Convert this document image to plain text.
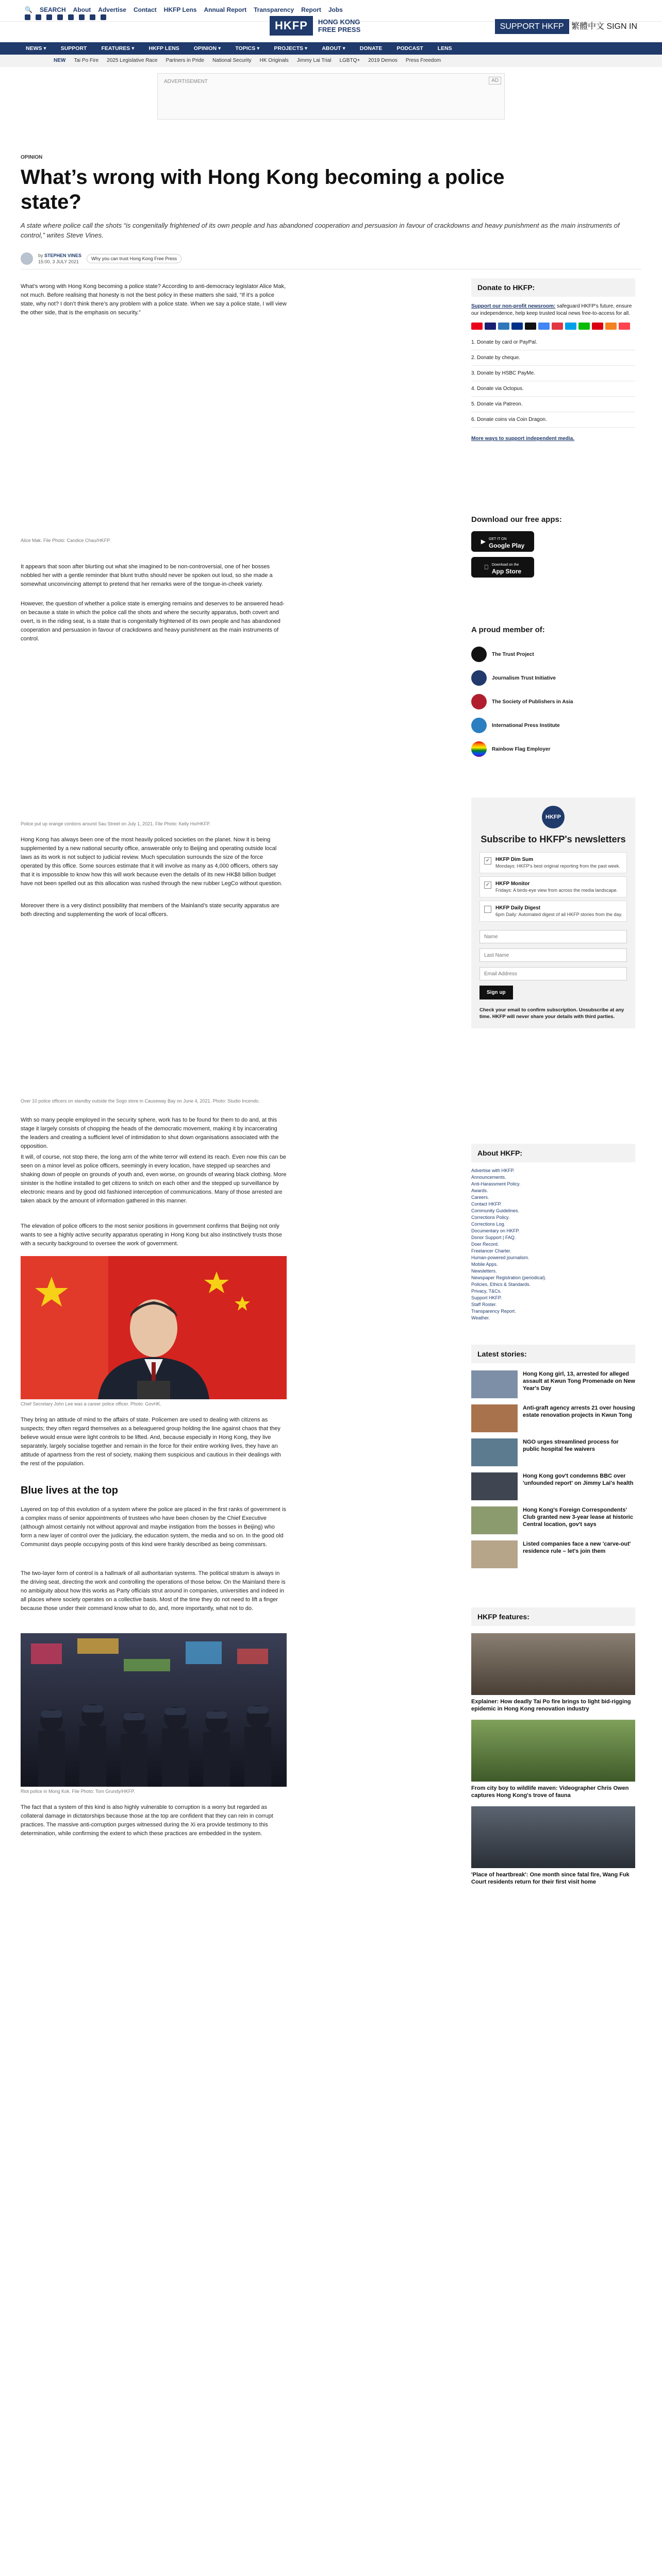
🔍 SEARCH About Advertise Contact HKFP Lens Annual Report Transparency Report Jobs
HKFP	HONG KONG
FREE PRESS	SUPPORT HKFP 繁體中文 SIGN IN
NEWS ▾	SUPPORT	FEATURES ▾	HKFP LENS	OPINION ▾	TOPICS ▾	PROJECTS ▾	ABOUT ▾	DONATE	PODCAST	LENS
NEW Tai Po Fire 2025 Legislative Race Partners in Pride National Security HK Originals Jimmy Lai Trial LGBTQ+ 2019 Demos Press Freedom
ADVERTISEMENT	AD
OPINION
What’s wrong with Hong Kong becoming a police state?

A state where police call the shots “is congenitally frightened of its own people and has abandoned cooperation and persuasion in favour of crackdowns and heavy punishment as the main instruments of control,” writes Steve Vines.

by STEPHEN VINES
15:00, 3 JULY 2021
Why you can trust Hong Kong Free Press

What’s wrong with Hong Kong becoming a police state? According to anti-democracy legislator Alice Mak, not much. Before realising that honesty is not the best policy in these matters she said, “If it’s a police state, why not? I don’t think there’s any problem with a police state. When we say a police state, I will view the other side, that is the emphasis on security.”

Alice Mak. File Photo: Candice Chau/HKFP.

It appears that soon after blurting out what she imagined to be non-controversial, one of her bosses nobbled her with a gentle reminder that blunt truths should never be spoken out loud, so she made a somewhat unconvincing attempt to pretend that her remarks were of the tongue-in-cheek variety.

However, the question of whether a police state is emerging remains and deserves to be answered head-on because a state in which the police call the shots and where the security apparatus, both covert and overt, is in the riding seat, is a state that is congenitally frightened of its own people and has abandoned cooperation and persuasion in favour of crackdowns and heavy punishment as the main instruments of control.

Police put up orange cordons around Sau Street on July 1, 2021. File Photo: Kelly Ho/HKFP.

Hong Kong has always been one of the most heavily policed societies on the planet. Now it is being supplemented by a new national security office, answerable only to Beijing and operating outside local laws as its work is not subject to judicial review. Much speculation surrounds the size of the force operated by this office. Some sources estimate that it will involve as many as 4,000 officers, others say that it is impossible to know how this will work because even the details of its new HK$8 billion budget have not been spelled out as this allocation was rushed through the new rubber LegCo without question.

Moreover there is a very distinct possibility that members of the Mainland’s state security apparatus are both directing and supplementing the work of local officers.

Over 10 police officers on standby outside the Sogo store in Causeway Bay on June 4, 2021. Photo: Studio Incendo.

With so many people employed in the security sphere, work has to be found for them to do and, at this stage it largely consists of chopping the heads of the democratic movement, making it by incarcerating the leaders and creating a sufficient level of intimidation to shut down organisations associated with the opposition.

It will, of course, not stop there, the long arm of the white terror will extend its reach. Even now this can be seen on a minor level as police officers, seemingly in every location, have stepped up searches and shaking down of people on grounds of youth and, even worse, on grounds of wearing black clothing. More sinister is the hotline installed to get citizens to snitch on each other and the stepped up surveillance by electronic means and by good old fashioned interception of communications. Many of those arrested are taken aback by the amount of information gathered in this manner.

The elevation of police officers to the most senior positions in government confirms that Beijing not only wants to see a highly active security apparatus operating in Hong Kong but also instinctively trusts those with a security background to oversee the work of government.

Chief Secretary John Lee was a career police officer. Photo: GovHK.

They bring an attitude of mind to the affairs of state. Policemen are used to dealing with citizens as suspects; they often regard themselves as a beleaguered group holding the line against chaos that they believe would ensue were light controls to be lifted. And, because especially in Hong Kong, they live separately, largely socialise together and remain in the force for their entire working lives, they have an attitude of apartness from the rest of society, making them suspicious and cautious in their dealings with the rest of the population.

Blue lives at the top

Layered on top of this evolution of a system where the police are placed in the first ranks of government is a complex mass of senior appointments of trustees who have been chosen by the Chief Executive (although almost certainly not without approval and maybe instigation from the bosses in Beijing) who form a new layer of control over the judiciary, the education system, the media and so on. In the good old Communist days people occupying posts of this kind were frankly described as being commissars.

The two-layer form of control is a hallmark of all authoritarian systems. The political stratum is always in the driving seat, directing the work and controlling the operations of those below. On the Mainland there is no ambiguity about how this works as Party officials strut around in companies, universities and indeed in all places where society operates on a collective basis. Most of the time they do not need to lift a finger because those under their command know what to do, and, more importantly, what not to do.

Riot police in Mong Kok. File Photo: Tom Grundy/HKFP.

The fact that a system of this kind is also highly vulnerable to corruption is a worry but regarded as collateral damage in dictatorships because those at the top are confident that they can rein in corrupt practices. The massive anti-corruption purges witnessed during the Xi era provide testimony to this determination, while confirming the extent to which these practices are embedded in the system.

Donate to HKFP:

Support our non-profit newsroom: safeguard HKFP's future, ensure our independence, help keep trusted local news free-to-access for all.

1. Donate by card or PayPal.
2. Donate by cheque.
3. Donate by HSBC PayMe.
4. Donate via Octopus.
5. Donate via Patreon.
6. Donate coins via Coin Dragon.

More ways to support independent media.

Download our free apps:
▶ GET IT ON
Google Play
Download on the
App Store
A proud member of:
The Trust Project
Journalism Trust Initiative
The Society of Publishers in Asia
International Press Institute
Rainbow Flag Employer
HKFP
Subscribe to HKFP's newsletters
✓ HKFP Dim Sum
Mondays: HKFP's best original reporting from the past week.
✓ HKFP Monitor
Fridays: A birds-eye view from across the media landscape.
HKFP Daily Digest
6pm Daily: Automated digest of all HKFP stories from the day.
Name Last Name Email Address Sign up

Check your email to confirm subscription. Unsubscribe at any time. HKFP will never share your details with third parties.

About HKFP:
Advertise with HKFP.
Announcements.
Anti-Harassment Policy.
Awards.
Careers.
Contact HKFP.
Community Guidelines.
Corrections Policy.
Corrections Log.
Documentary on HKFP.
Donor Support | FAQ.
Doer Record.
Freelancer Charter.
Human-powered journalism.
Mobile Apps.
Newsletters.
Newspaper Registration (periodical).
Policies, Ethics & Standards.
Privacy, T&Cs.
Support HKFP.
Staff Roster.
Transparency Report.
Weather.
Latest stories:
Hong Kong girl, 13, arrested for alleged assault at Kwun Tong Promenade on New Year's Day
Anti-graft agency arrests 21 over housing estate renovation projects in Kwun Tong
NGO urges streamlined process for public hospital fee waivers
Hong Kong gov't condemns BBC over 'unfounded report' on Jimmy Lai's health
Hong Kong's Foreign Correspondents' Club granted new 3-year lease at historic Central location, gov't says
Listed companies face a new 'carve-out' residence rule – let's join them
HKFP features:
Explainer: How deadly Tai Po fire brings to light bid-rigging epidemic in Hong Kong renovation industry
From city boy to wildlife maven: Videographer Chris Owen captures Hong Kong's trove of fauna
'Place of heartbreak': One month since fatal fire, Wang Fuk Court residents return for their first visit home
